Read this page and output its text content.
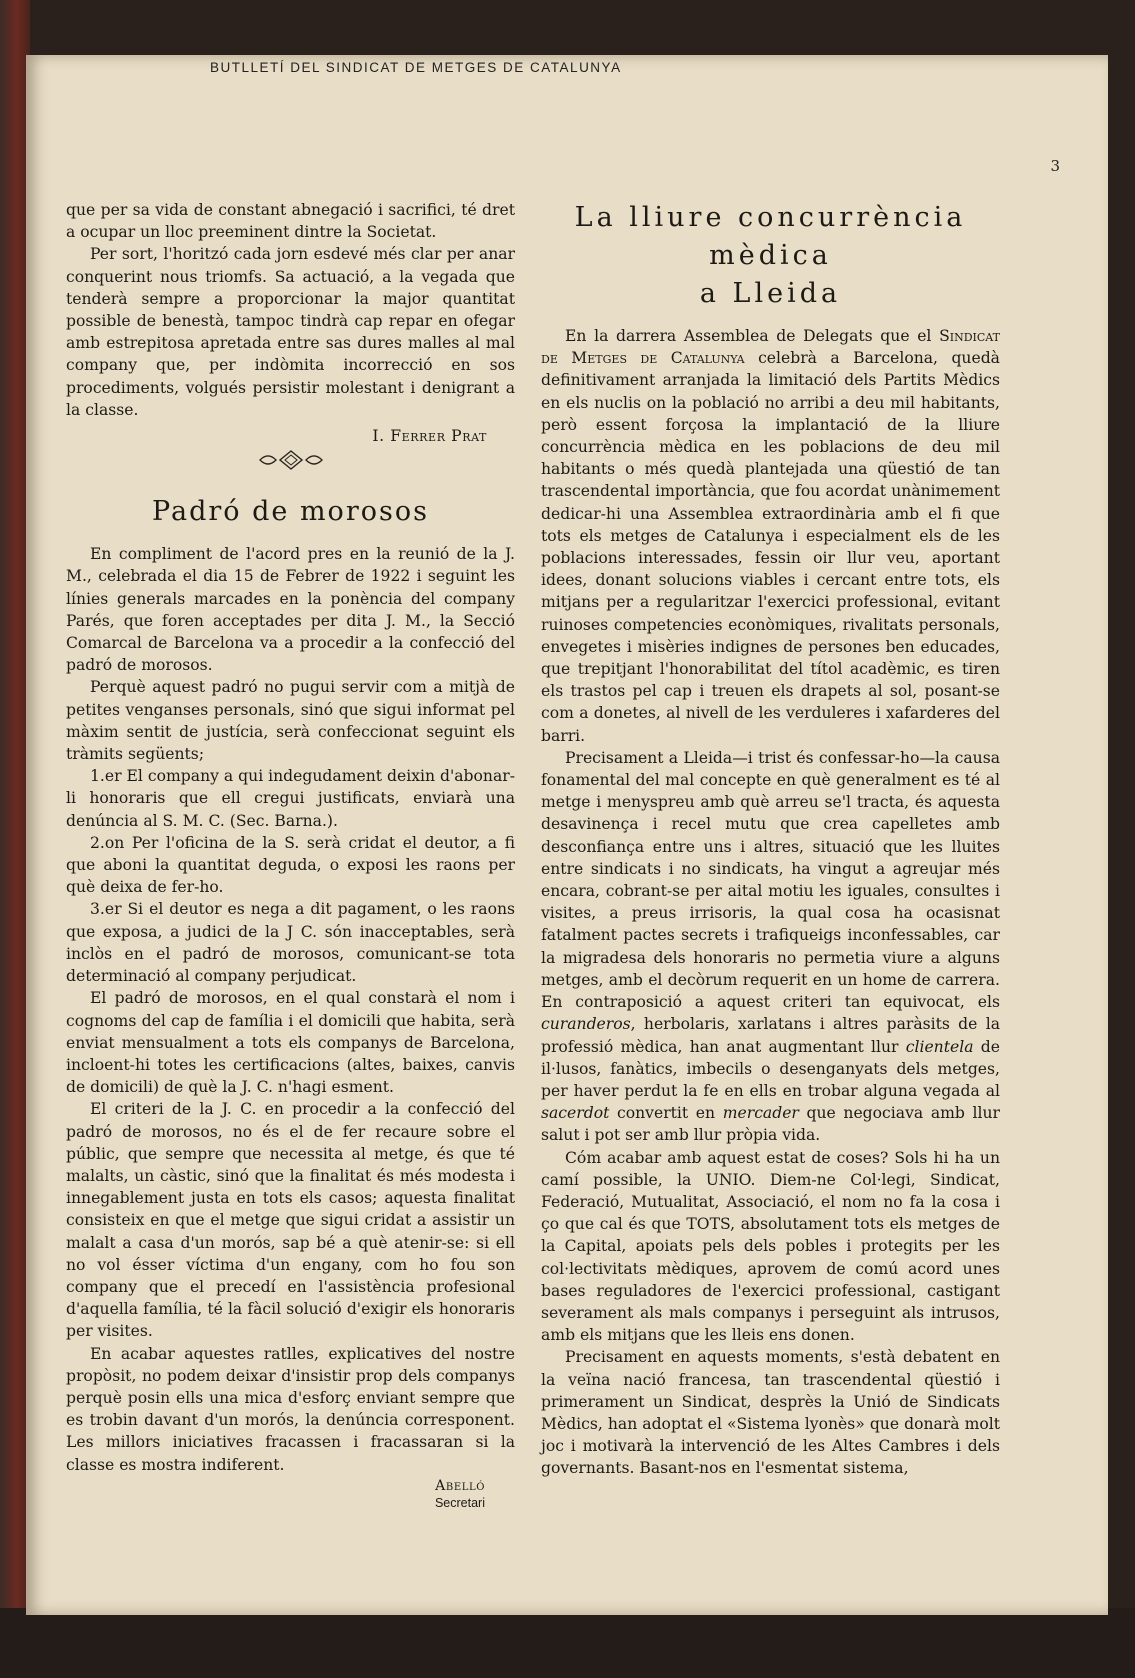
BUTLLETÍ DEL SINDICAT DE METGES DE CATALUNYA
3

que per sa vida de constant abnegació i sacrifici, té dret a ocupar un lloc preeminent dintre la Societat.

Per sort, l'horitzó cada jorn esdevé més clar per anar conquerint nous triomfs. Sa actuació, a la vegada que tenderà sempre a proporcionar la major quantitat possible de benestà, tampoc tindrà cap repar en ofegar amb estrepitosa apretada entre sas dures malles al mal company que, per indòmita incorrecció en sos procediments, volgués persistir molestant i denigrant a la classe.

I. Ferrer Prat

Padró de morosos

En compliment de l'acord pres en la reunió de la J. M., celebrada el dia 15 de Febrer de 1922 i seguint les línies generals marcades en la ponència del company Parés, que foren acceptades per dita J. M., la Secció Comarcal de Barcelona va a procedir a la confecció del padró de morosos.

Perquè aquest padró no pugui servir com a mitjà de petites venganses personals, sinó que sigui informat pel màxim sentit de justícia, serà confeccionat seguint els tràmits següents;

1.er El company a qui indegudament deixin d'abonar-li honoraris que ell cregui justificats, enviarà una denúncia al S. M. C. (Sec. Barna.).

2.on Per l'oficina de la S. serà cridat el deutor, a fi que aboni la quantitat deguda, o exposi les raons per què deixa de fer-ho.

3.er Si el deutor es nega a dit pagament, o les raons que exposa, a judici de la J C. són inacceptables, serà inclòs en el padró de morosos, comunicant-se tota determinació al company perjudicat.

El padró de morosos, en el qual constarà el nom i cognoms del cap de família i el domicili que habita, serà enviat mensualment a tots els companys de Barcelona, incloent-hi totes les certificacions (altes, baixes, canvis de domicili) de què la J. C. n'hagi esment.

El criteri de la J. C. en procedir a la confecció del padró de morosos, no és el de fer recaure sobre el públic, que sempre que necessita al metge, és que té malalts, un càstic, sinó que la finalitat és més modesta i innegablement justa en tots els casos; aquesta finalitat consisteix en que el metge que sigui cridat a assistir un malalt a casa d'un morós, sap bé a què atenir-se: si ell no vol ésser víctima d'un engany, com ho fou son company que el precedí en l'assistència profesional d'aquella família, té la fàcil solució d'exigir els honoraris per visites.

En acabar aquestes ratlles, explicatives del nostre propòsit, no podem deixar d'insistir prop dels companys perquè posin ells una mica d'esforç enviant sempre que es trobin davant d'un morós, la denúncia corresponent. Les millors iniciatives fracassen i fracassaran si la classe es mostra indiferent.

Abelló
Secretari

La lliure concurrència mèdica
a Lleida

En la darrera Assemblea de Delegats que el Sindicat de Metges de Catalunya celebrà a Barcelona, quedà definitivament arranjada la limitació dels Partits Mèdics en els nuclis on la població no arribi a deu mil habitants, però essent forçosa la implantació de la lliure concurrència mèdica en les poblacions de deu mil habitants o més quedà plantejada una qüestió de tan trascendental importància, que fou acordat unànimement dedicar-hi una Assemblea extraordinària amb el fi que tots els metges de Catalunya i especialment els de les poblacions interessades, fessin oir llur veu, aportant idees, donant solucions viables i cercant entre tots, els mitjans per a regularitzar l'exercici professional, evitant ruinoses competencies econòmiques, rivalitats personals, envegetes i misèries indignes de persones ben educades, que trepitjant l'honorabilitat del títol acadèmic, es tiren els trastos pel cap i treuen els drapets al sol, posant-se com a donetes, al nivell de les verduleres i xafarderes del barri.

Precisament a Lleida—i trist és confessar-ho—la causa fonamental del mal concepte en què generalment es té al metge i menyspreu amb què arreu se'l tracta, és aquesta desavinença i recel mutu que crea capelletes amb desconfiança entre uns i altres, situació que les lluites entre sindicats i no sindicats, ha vingut a agreujar més encara, cobrant-se per aital motiu les iguales, consultes i visites, a preus irrisoris, la qual cosa ha ocasisnat fatalment pactes secrets i trafiqueigs inconfessables, car la migradesa dels honoraris no permetia viure a alguns metges, amb el decòrum requerit en un home de carrera. En contraposició a aquest criteri tan equivocat, els curanderos, herbolaris, xarlatans i altres paràsits de la professió mèdica, han anat augmentant llur clientela de il·lusos, fanàtics, imbecils o desenganyats dels metges, per haver perdut la fe en ells en trobar alguna vegada al sacerdot convertit en mercader que negociava amb llur salut i pot ser amb llur pròpia vida.

Cóm acabar amb aquest estat de coses? Sols hi ha un camí possible, la UNIO. Diem-ne Col·legi, Sindicat, Federació, Mutualitat, Associació, el nom no fa la cosa i ço que cal és que TOTS, absolutament tots els metges de la Capital, apoiats pels dels pobles i protegits per les col·lectivitats mèdiques, aprovem de comú acord unes bases reguladores de l'exercici professional, castigant severament als mals companys i perseguint als intrusos, amb els mitjans que les lleis ens donen.

Precisament en aquests moments, s'està debatent en la veïna nació francesa, tan trascendental qüestió i primerament un Sindicat, desprès la Unió de Sindicats Mèdics, han adoptat el «Sistema lyonès» que donarà molt joc i motivarà la intervenció de les Altes Cambres i dels governants. Basant-nos en l'esmentat sistema,
